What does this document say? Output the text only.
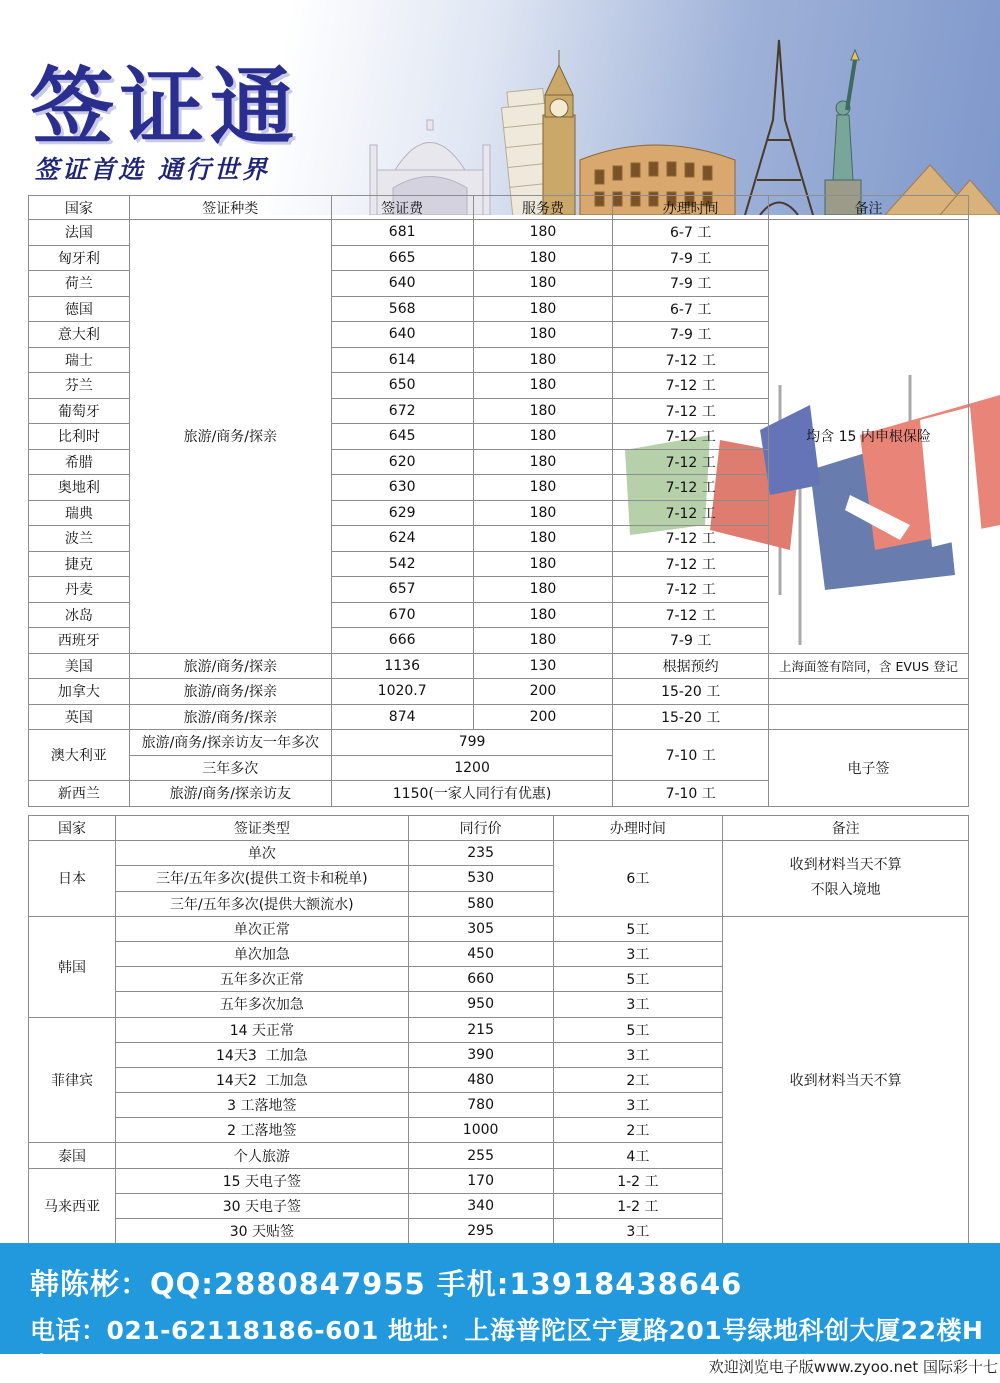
签证通
签证首选 通行世界
国家	签证种类	签证费	服务费	办理时间	备注
法国	旅游/商务/探亲	681	180	6-7 工	均含 15 内申根保险
匈牙利		665	180	7-9 工	
荷兰		640	180	7-9 工	
德国		568	180	6-7 工	
意大利		640	180	7-9 工	
瑞士		614	180	7-12 工	
芬兰		650	180	7-12 工	
葡萄牙		672	180	7-12 工	
比利时		645	180	7-12 工	
希腊		620	180	7-12 工	
奥地利		630	180	7-12 工	
瑞典		629	180	7-12 工	
波兰		624	180	7-12 工	
捷克		542	180	7-12 工	
丹麦		657	180	7-12 工	
冰岛		670	180	7-12 工	
西班牙		666	180	7-9 工	
美国	旅游/商务/探亲	1136	130	根据预约	上海面签有陪同，含 EVUS 登记
加拿大	旅游/商务/探亲	1020.7	200	15-20 工	
英国	旅游/商务/探亲	874	200	15-20 工	
澳大利亚	旅游/商务/探亲访友一年多次	799		7-10 工	电子签
	三年多次	1200			
新西兰	旅游/商务/探亲访友	1150(一家人同行有优惠)		7-10 工	
国家	签证类型	同行价	办理时间	备注
日本	单次	235	6工	收到材料当天不算
不限入境地

	三年/五年多次(提供工资卡和税单)	530		
	三年/五年多次(提供大额流水)	580		
韩国	单次正常	305	5工	收到材料当天不算
	单次加急	450	3工	
	五年多次正常	660	5工	
	五年多次加急	950	3工	
菲律宾	14 天正常	215	5工	
	14天3  工加急	390	3工	
	14天2  工加急	480	2工	
	3 工落地签	780	3工	
	2 工落地签	1000	2工	
泰国	个人旅游	255	4工	
马来西亚	15 天电子签	170	1-2 工	
	30 天电子签	340	1-2 工	
	30 天贴签	295	3工	
韩陈彬：QQ:2880847955 手机:13918438646
电话：021-62118186-601 地址：上海普陀区宁夏路201号绿地科创大厦22楼H座	欢迎浏览电子版www.zyoo.net 国际彩十七
